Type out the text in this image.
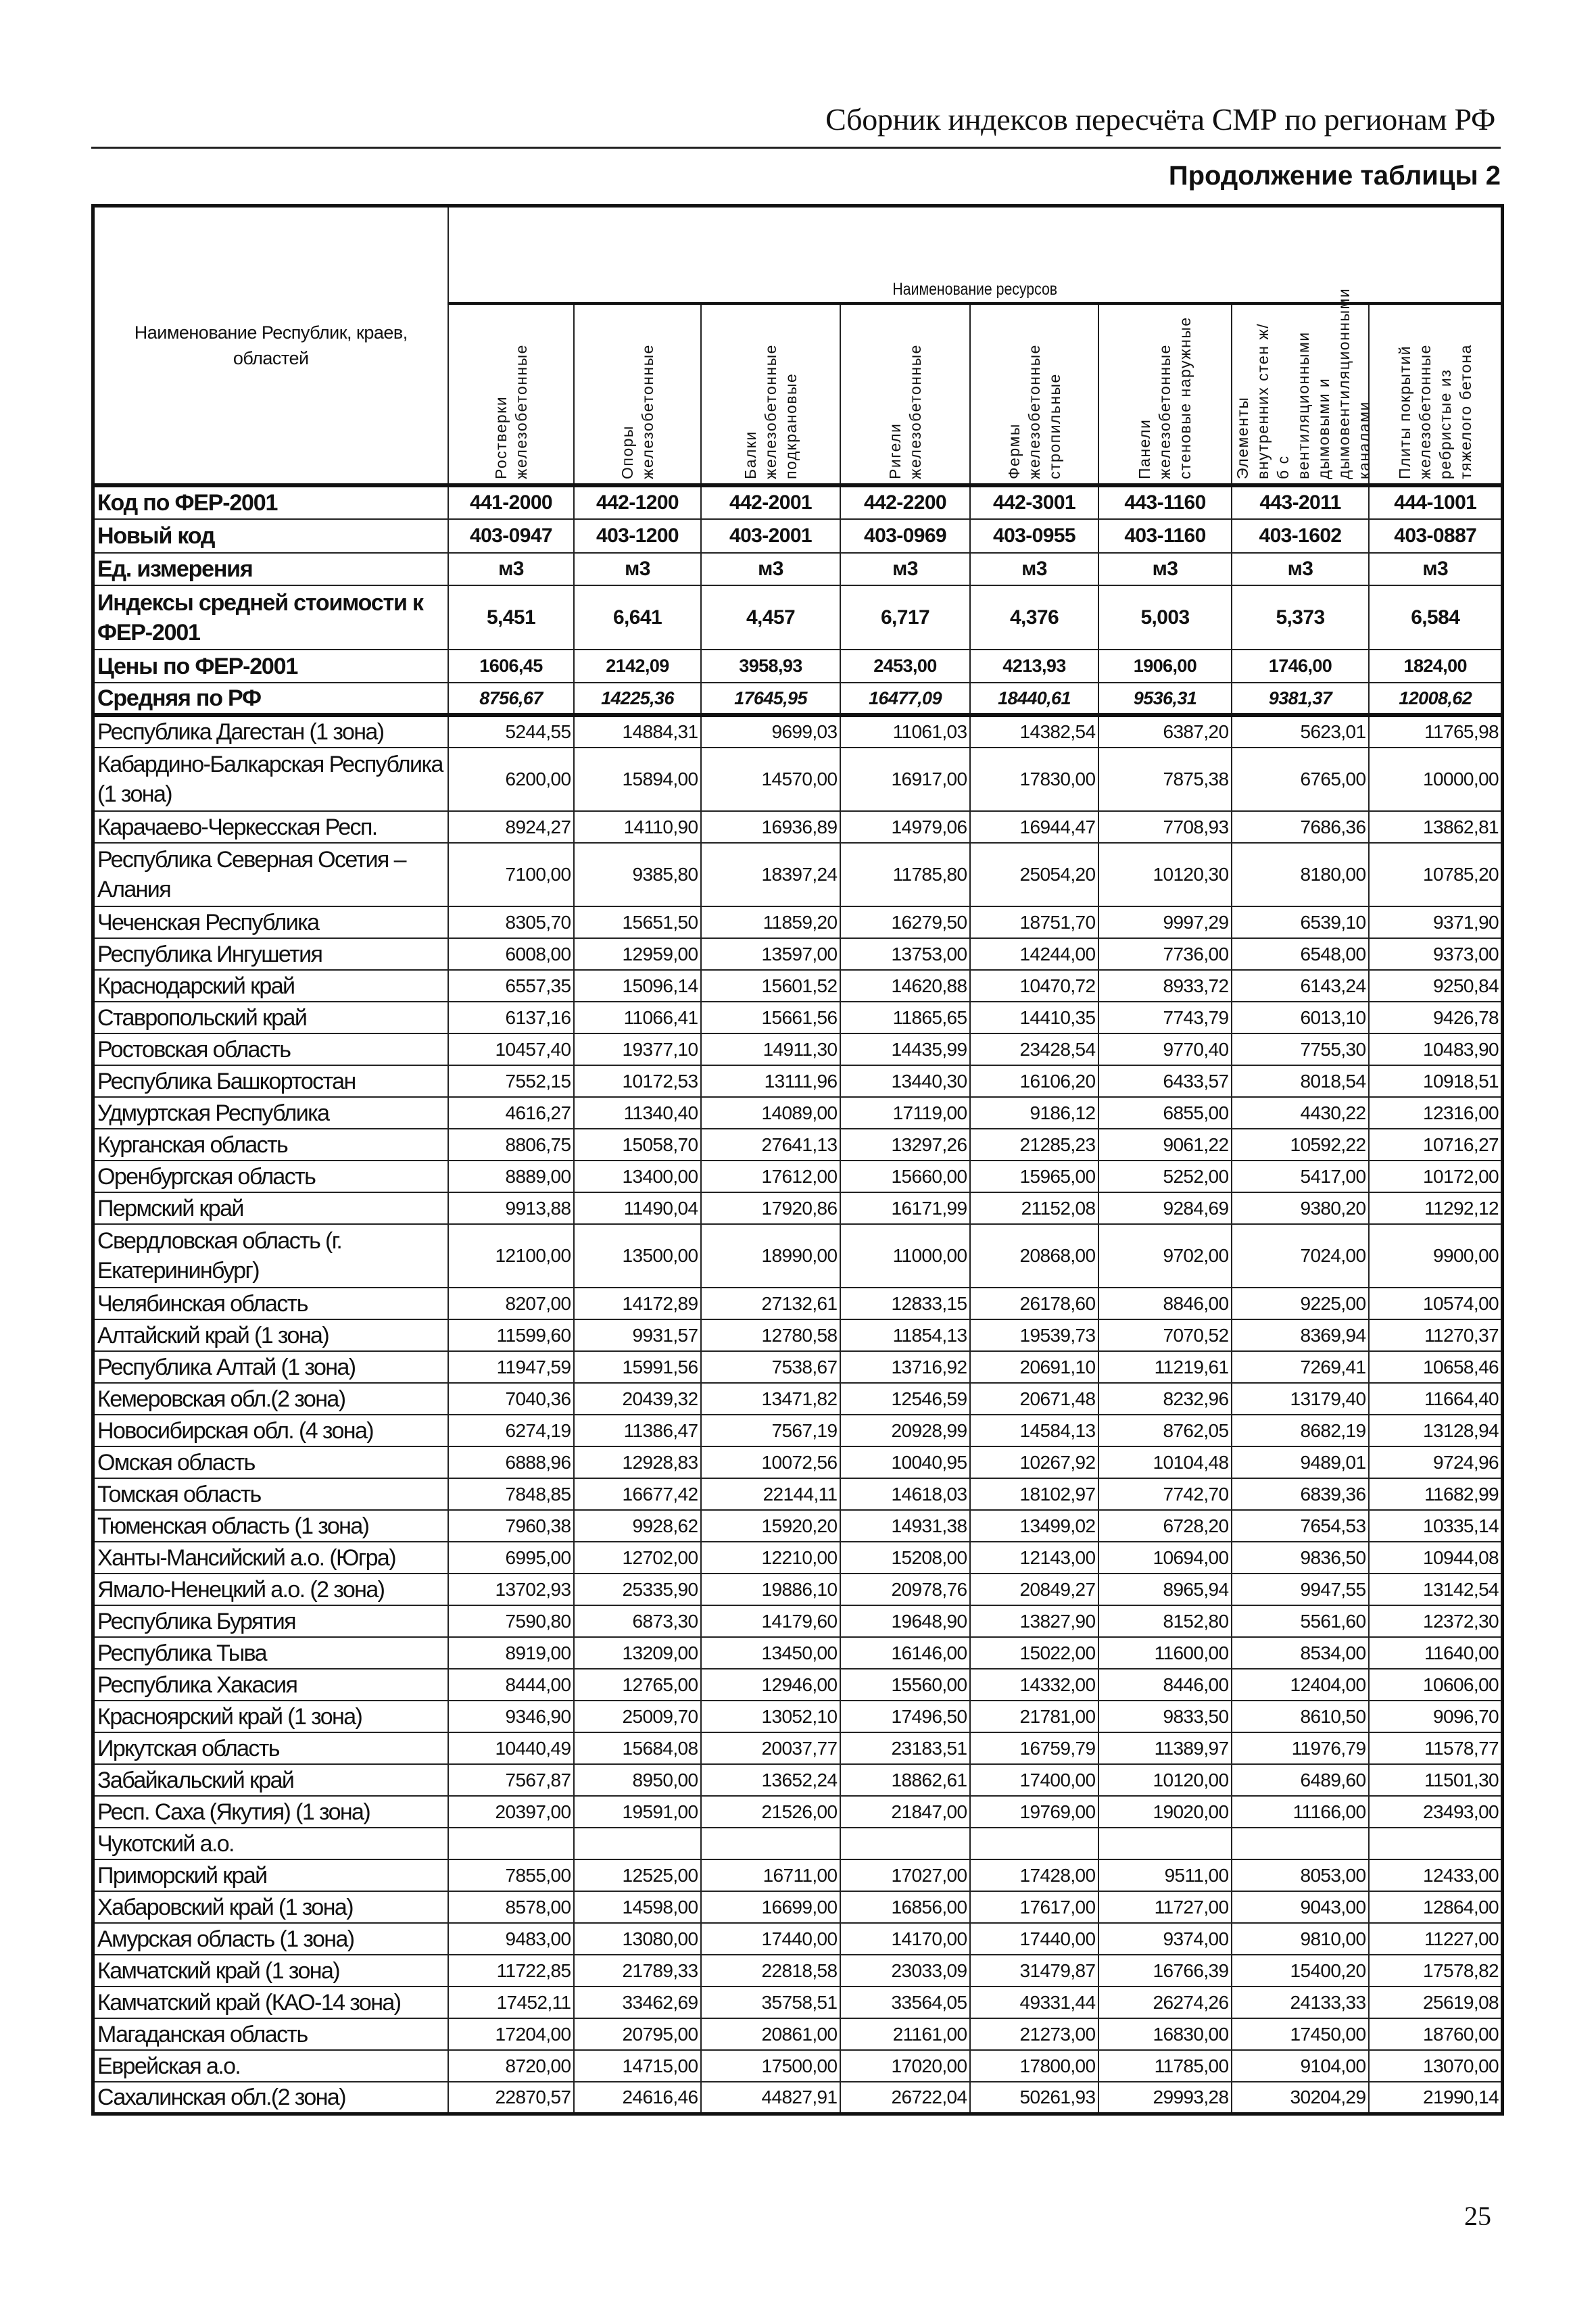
Сборник индексов пересчёта СМР по регионам РФ
Продолжение таблицы 2
Наименование Республик, краев, областей	Наименование ресурсов							

	Ростверки железобетонные	Опоры железобетонные	Балки железобетонные подкрановые	Ригели железобетонные	Фермы железобетонные стропильные	Панели железобетонные стеновые наружные	Элементы внутренних стен ж/б с вентиляционными дымовыми и дымовентиляционными каналами	Плиты покрытий железобетонные ребристые из тяжелого бетона

Код по ФЕР-2001	441-2000	442-1200	442-2001	442-2200	442-3001	443-1160	443-2011	444-1001
Новый код	403-0947	403-1200	403-2001	403-0969	403-0955	403-1160	403-1602	403-0887
Ед. измерения	м3	м3	м3	м3	м3	м3	м3	м3
Индексы средней стоимости к ФЕР-2001	5,451	6,641	4,457	6,717	4,376	5,003	5,373	6,584
Цены по ФЕР-2001	1606,45	2142,09	3958,93	2453,00	4213,93	1906,00	1746,00	1824,00
Средняя по РФ	8756,67	14225,36	17645,95	16477,09	18440,61	9536,31	9381,37	12008,62
Республика Дагестан (1 зона)	5244,55	14884,31	9699,03	11061,03	14382,54	6387,20	5623,01	11765,98
Кабардино-Балкарская Республика (1 зона)	6200,00	15894,00	14570,00	16917,00	17830,00	7875,38	6765,00	10000,00
Карачаево-Черкесская Респ.	8924,27	14110,90	16936,89	14979,06	16944,47	7708,93	7686,36	13862,81
Республика Северная Осетия – Алания	7100,00	9385,80	18397,24	11785,80	25054,20	10120,30	8180,00	10785,20
Чеченская Республика	8305,70	15651,50	11859,20	16279,50	18751,70	9997,29	6539,10	9371,90
Республика Ингушетия	6008,00	12959,00	13597,00	13753,00	14244,00	7736,00	6548,00	9373,00
Краснодарский край	6557,35	15096,14	15601,52	14620,88	10470,72	8933,72	6143,24	9250,84
Ставропольский край	6137,16	11066,41	15661,56	11865,65	14410,35	7743,79	6013,10	9426,78
Ростовская область	10457,40	19377,10	14911,30	14435,99	23428,54	9770,40	7755,30	10483,90
Республика Башкортостан	7552,15	10172,53	13111,96	13440,30	16106,20	6433,57	8018,54	10918,51
Удмуртская Республика	4616,27	11340,40	14089,00	17119,00	9186,12	6855,00	4430,22	12316,00
Курганская область	8806,75	15058,70	27641,13	13297,26	21285,23	9061,22	10592,22	10716,27
Оренбургская область	8889,00	13400,00	17612,00	15660,00	15965,00	5252,00	5417,00	10172,00
Пермский край	9913,88	11490,04	17920,86	16171,99	21152,08	9284,69	9380,20	11292,12
Свердловская область (г. Екатерининбург)	12100,00	13500,00	18990,00	11000,00	20868,00	9702,00	7024,00	9900,00
Челябинская область	8207,00	14172,89	27132,61	12833,15	26178,60	8846,00	9225,00	10574,00
Алтайский край (1 зона)	11599,60	9931,57	12780,58	11854,13	19539,73	7070,52	8369,94	11270,37
Республика Алтай (1 зона)	11947,59	15991,56	7538,67	13716,92	20691,10	11219,61	7269,41	10658,46
Кемеровская обл.(2 зона)	7040,36	20439,32	13471,82	12546,59	20671,48	8232,96	13179,40	11664,40
Новосибирская обл. (4 зона)	6274,19	11386,47	7567,19	20928,99	14584,13	8762,05	8682,19	13128,94
Омская область	6888,96	12928,83	10072,56	10040,95	10267,92	10104,48	9489,01	9724,96
Томская область	7848,85	16677,42	22144,11	14618,03	18102,97	7742,70	6839,36	11682,99
Тюменская область (1 зона)	7960,38	9928,62	15920,20	14931,38	13499,02	6728,20	7654,53	10335,14
Ханты-Мансийский а.о. (Югра)	6995,00	12702,00	12210,00	15208,00	12143,00	10694,00	9836,50	10944,08
Ямало-Ненецкий а.о. (2 зона)	13702,93	25335,90	19886,10	20978,76	20849,27	8965,94	9947,55	13142,54
Республика Бурятия	7590,80	6873,30	14179,60	19648,90	13827,90	8152,80	5561,60	12372,30
Республика Тыва	8919,00	13209,00	13450,00	16146,00	15022,00	11600,00	8534,00	11640,00
Республика Хакасия	8444,00	12765,00	12946,00	15560,00	14332,00	8446,00	12404,00	10606,00
Красноярский край (1 зона)	9346,90	25009,70	13052,10	17496,50	21781,00	9833,50	8610,50	9096,70
Иркутская область	10440,49	15684,08	20037,77	23183,51	16759,79	11389,97	11976,79	11578,77
Забайкальский край	7567,87	8950,00	13652,24	18862,61	17400,00	10120,00	6489,60	11501,30
Респ. Саха (Якутия) (1 зона)	20397,00	19591,00	21526,00	21847,00	19769,00	19020,00	11166,00	23493,00
Чукотский а.о.								
Приморский край	7855,00	12525,00	16711,00	17027,00	17428,00	9511,00	8053,00	12433,00
Хабаровский край (1 зона)	8578,00	14598,00	16699,00	16856,00	17617,00	11727,00	9043,00	12864,00
Амурская область (1 зона)	9483,00	13080,00	17440,00	14170,00	17440,00	9374,00	9810,00	11227,00
Камчатский край (1 зона)	11722,85	21789,33	22818,58	23033,09	31479,87	16766,39	15400,20	17578,82
Камчатский край (КАО-14 зона)	17452,11	33462,69	35758,51	33564,05	49331,44	26274,26	24133,33	25619,08
Магаданская область	17204,00	20795,00	20861,00	21161,00	21273,00	16830,00	17450,00	18760,00
Еврейская а.о.	8720,00	14715,00	17500,00	17020,00	17800,00	11785,00	9104,00	13070,00
Сахалинская обл.(2 зона)	22870,57	24616,46	44827,91	26722,04	50261,93	29993,28	30204,29	21990,14
25
